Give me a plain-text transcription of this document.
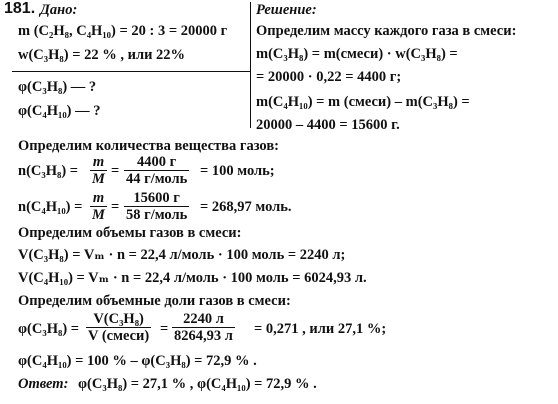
181. Дано:
m (C₂H₈, C₄H₁₀) = 20 : 3 = 20000 г
w(C₃H₈) = 22 % , или 22%
φ(C₃H₈) — ?
φ(C₄H₁₀) — ?
Решение:
Определим массу каждого газа в смеси:
m(C₃H₈) = m(смеси) · w(C₃H₈) =
= 20000 · 0,22 = 4400 г;
m(C₄H₁₀) = m (смеси) – m(C₃H₈) =
20000 – 4400 = 15600 г.
Определим количества вещества газов:
$n(C_3H_8) = \frac{m}{M}$ =
4400 г
44 г/моль = 100 моль;
$n(C_4H_{10}) = \frac{m}{M}$ =
15600 г
58 г/моль = 268,97 моль.
Определим объемы газов в смеси:
V(C₃H₈) = Vₘ · n = 22,4 л/моль · 100 моль = 2240 л;
V(C₄H₁₀) = Vₘ · n = 22,4 л/моль · 100 моль = 6024,93 л.
Определим объемные доли газов в смеси:
φ(C₃H₈) =
V(C₃H₈)
V (смеси) =
2240 л
8264,93 л = 0,271 , или 27,1 %;
φ(C₄H₁₀) = 100 % – φ(C₃H₈) = 72,9 % .
Ответ: φ(C₃H₈) = 27,1 % , φ(C₄H₁₀) = 72,9 % .
